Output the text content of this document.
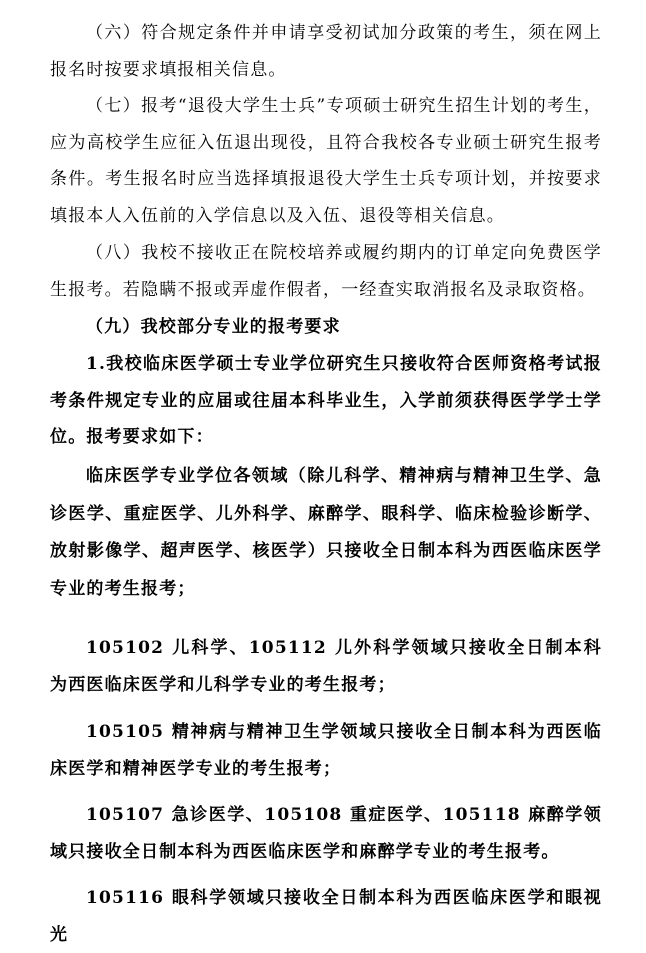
（六）符合规定条件并申请享受初试加分政策的考生，须在网上报名时按要求填报相关信息。

（七）报考“退役大学生士兵”专项硕士研究生招生计划的考生，应为高校学生应征入伍退出现役，且符合我校各专业硕士研究生报考条件。考生报名时应当选择填报退役大学生士兵专项计划，并按要求填报本人入伍前的入学信息以及入伍、退役等相关信息。

（八）我校不接收正在院校培养或履约期内的订单定向免费医学生报考。若隐瞒不报或弄虚作假者，一经查实取消报名及录取资格。

（九）我校部分专业的报考要求

1.我校临床医学硕士专业学位研究生只接收符合医师资格考试报考条件规定专业的应届或往届本科毕业生，入学前须获得医学学士学位。报考要求如下：

临床医学专业学位各领域（除儿科学、精神病与精神卫生学、急诊医学、重症医学、儿外科学、麻醉学、眼科学、临床检验诊断学、放射影像学、超声医学、核医学）只接收全日制本科为西医临床医学专业的考生报考；

105102 儿科学、105112 儿外科学领域只接收全日制本科为西医临床医学和儿科学专业的考生报考；

105105 精神病与精神卫生学领域只接收全日制本科为西医临床医学和精神医学专业的考生报考；

105107 急诊医学、105108 重症医学、105118 麻醉学领域只接收全日制本科为西医临床医学和麻醉学专业的考生报考。

105116 眼科学领域只接收全日制本科为西医临床医学和眼视光
